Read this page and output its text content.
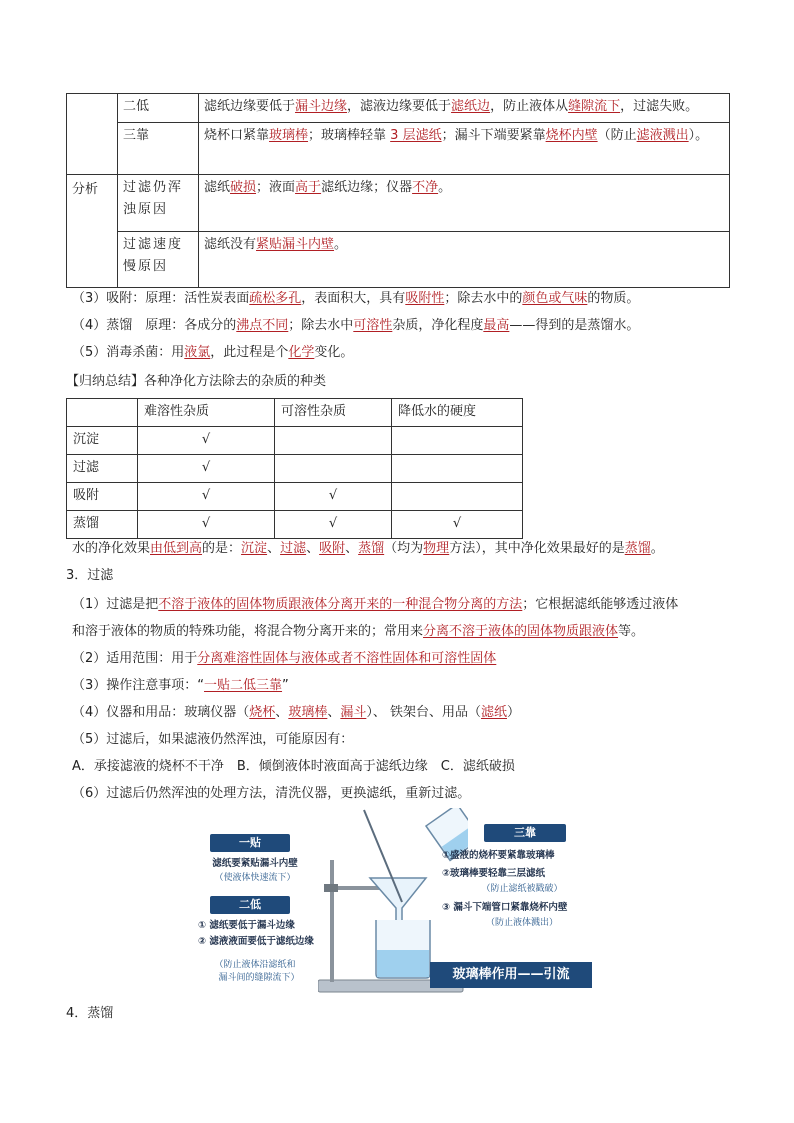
	二低	滤纸边缘要低于漏斗边缘，滤液边缘要低于滤纸边，防止液体从缝隙流下，过滤失败。
	三靠	烧杯口紧靠玻璃棒；玻璃棒轻靠 3 层滤纸；漏斗下端要紧靠烧杯内壁（防止滤液溅出）。
分析	过滤仍浑浊原因	滤纸破损；液面高于滤纸边缘；仪器不净。
	过滤速度慢原因	滤纸没有紧贴漏斗内壁。
（3）吸附：原理：活性炭表面疏松多孔，表面积大，具有吸附性；除去水中的颜色或气味的物质。
（4）蒸馏　原理：各成分的沸点不同；除去水中可溶性杂质，净化程度最高——得到的是蒸馏水。
（5）消毒杀菌：用液氯，此过程是个化学变化。
【归纳总结】各种净化方法除去的杂质的种类
	难溶性杂质	可溶性杂质	降低水的硬度
沉淀	√		
过滤	√		
吸附	√	√	
蒸馏	√	√	√
水的净化效果由低到高的是：沉淀、过滤、吸附、蒸馏（均为物理方法），其中净化效果最好的是蒸馏。
3．过滤
（1）过滤是把不溶于液体的固体物质跟液体分离开来的一种混合物分离的方法；它根据滤纸能够透过液体
和溶于液体的物质的特殊功能，将混合物分离开来的；常用来分离不溶于液体的固体物质跟液体等。
（2）适用范围：用于分离难溶性固体与液体或者不溶性固体和可溶性固体
（3）操作注意事项：“一贴二低三靠”
（4）仪器和用品：玻璃仪器（烧杯、玻璃棒、漏斗）、 铁架台、用品（滤纸）
（5）过滤后，如果滤液仍然浑浊，可能原因有：
A．承接滤液的烧杯不干净　B．倾倒液体时液面高于滤纸边缘　C．滤纸破损
（6）过滤后仍然浑浊的处理方法，清洗仪器，更换滤纸，重新过滤。
一贴
滤纸要紧贴漏斗内壁
（使液体快速流下）
二低
① 滤纸要低于漏斗边缘
② 滤液液面要低于滤纸边缘
（防止液体沿滤纸和
漏斗间的缝隙流下）
三靠
①盛液的烧杯要紧靠玻璃棒
②玻璃棒要轻靠三层滤纸
（防止滤纸被戳破）
③ 漏斗下端管口紧靠烧杯内壁
（防止液体溅出）
玻璃棒作用——引流
4．蒸馏
